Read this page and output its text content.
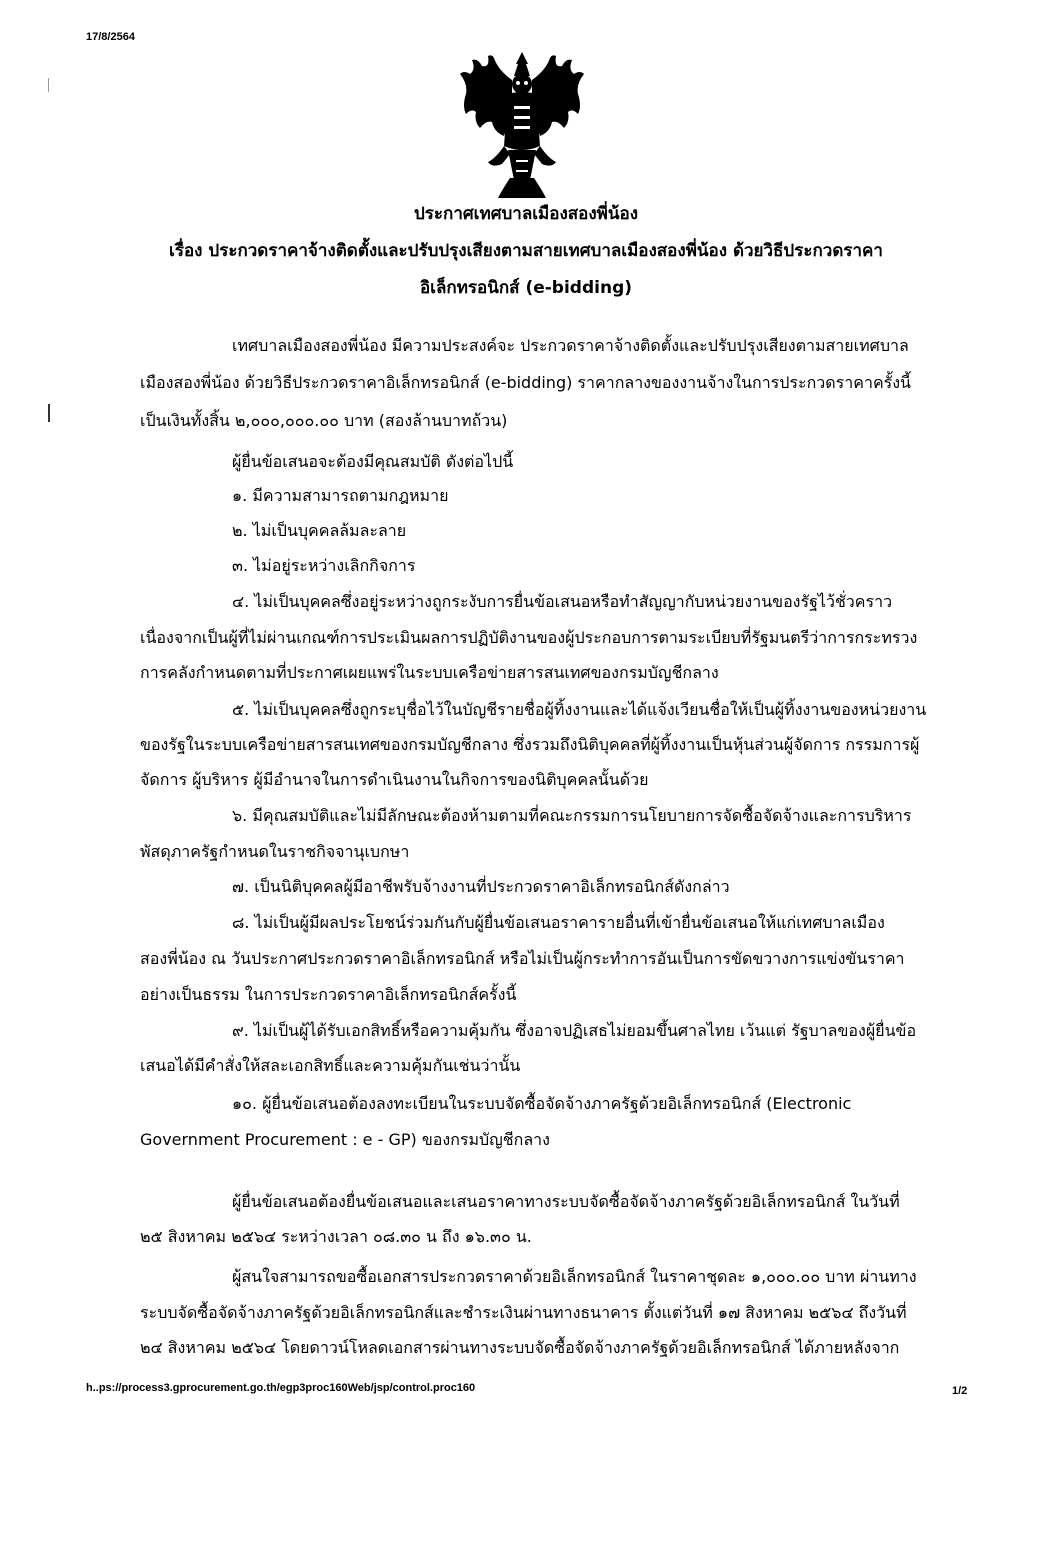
17/8/2564
ประกาศเทศบาลเมืองสองพี่น้อง
เรื่อง ประกวดราคาจ้างติดตั้งและปรับปรุงเสียงตามสายเทศบาลเมืองสองพี่น้อง ด้วยวิธีประกวดราคา
อิเล็กทรอนิกส์ (e-bidding)
เทศบาลเมืองสองพี่น้อง มีความประสงค์จะ ประกวดราคาจ้างติดตั้งและปรับปรุงเสียงตามสายเทศบาล
เมืองสองพี่น้อง ด้วยวิธีประกวดราคาอิเล็กทรอนิกส์ (e-bidding) ราคากลางของงานจ้างในการประกวดราคาครั้งนี้
เป็นเงินทั้งสิ้น ๒,๐๐๐,๐๐๐.๐๐ บาท (สองล้านบาทถ้วน)
ผู้ยื่นข้อเสนอจะต้องมีคุณสมบัติ ดังต่อไปนี้
๑. มีความสามารถตามกฎหมาย
๒. ไม่เป็นบุคคลล้มละลาย
๓. ไม่อยู่ระหว่างเลิกกิจการ
๔. ไม่เป็นบุคคลซึ่งอยู่ระหว่างถูกระงับการยื่นข้อเสนอหรือทำสัญญากับหน่วยงานของรัฐไว้ชั่วคราว
เนื่องจากเป็นผู้ที่ไม่ผ่านเกณฑ์การประเมินผลการปฏิบัติงานของผู้ประกอบการตามระเบียบที่รัฐมนตรีว่าการกระทรวง
การคลังกำหนดตามที่ประกาศเผยแพร่ในระบบเครือข่ายสารสนเทศของกรมบัญชีกลาง
๕. ไม่เป็นบุคคลซึ่งถูกระบุชื่อไว้ในบัญชีรายชื่อผู้ทิ้งงานและได้แจ้งเวียนชื่อให้เป็นผู้ทิ้งงานของหน่วยงาน
ของรัฐในระบบเครือข่ายสารสนเทศของกรมบัญชีกลาง ซึ่งรวมถึงนิติบุคคลที่ผู้ทิ้งงานเป็นหุ้นส่วนผู้จัดการ กรรมการผู้
จัดการ ผู้บริหาร ผู้มีอำนาจในการดำเนินงานในกิจการของนิติบุคคลนั้นด้วย
๖. มีคุณสมบัติและไม่มีลักษณะต้องห้ามตามที่คณะกรรมการนโยบายการจัดซื้อจัดจ้างและการบริหาร
พัสดุภาครัฐกำหนดในราชกิจจานุเบกษา
๗. เป็นนิติบุคคลผู้มีอาชีพรับจ้างงานที่ประกวดราคาอิเล็กทรอนิกส์ดังกล่าว
๘. ไม่เป็นผู้มีผลประโยชน์ร่วมกันกับผู้ยื่นข้อเสนอราคารายอื่นที่เข้ายื่นข้อเสนอให้แก่เทศบาลเมือง
สองพี่น้อง ณ วันประกาศประกวดราคาอิเล็กทรอนิกส์ หรือไม่เป็นผู้กระทำการอันเป็นการขัดขวางการแข่งขันราคา
อย่างเป็นธรรม ในการประกวดราคาอิเล็กทรอนิกส์ครั้งนี้
๙. ไม่เป็นผู้ได้รับเอกสิทธิ์หรือความคุ้มกัน ซึ่งอาจปฏิเสธไม่ยอมขึ้นศาลไทย เว้นแต่ รัฐบาลของผู้ยื่นข้อ
เสนอได้มีคำสั่งให้สละเอกสิทธิ์และความคุ้มกันเช่นว่านั้น
๑๐. ผู้ยื่นข้อเสนอต้องลงทะเบียนในระบบจัดซื้อจัดจ้างภาครัฐด้วยอิเล็กทรอนิกส์ (Electronic
Government Procurement : e - GP) ของกรมบัญชีกลาง
ผู้ยื่นข้อเสนอต้องยื่นข้อเสนอและเสนอราคาทางระบบจัดซื้อจัดจ้างภาครัฐด้วยอิเล็กทรอนิกส์ ในวันที่
๒๕ สิงหาคม ๒๕๖๔ ระหว่างเวลา ๐๘.๓๐ น ถึง ๑๖.๓๐ น.
ผู้สนใจสามารถขอซื้อเอกสารประกวดราคาด้วยอิเล็กทรอนิกส์ ในราคาชุดละ ๑,๐๐๐.๐๐ บาท ผ่านทาง
ระบบจัดซื้อจัดจ้างภาครัฐด้วยอิเล็กทรอนิกส์และชำระเงินผ่านทางธนาคาร ตั้งแต่วันที่ ๑๗ สิงหาคม ๒๕๖๔ ถึงวันที่
๒๔ สิงหาคม ๒๕๖๔ โดยดาวน์โหลดเอกสารผ่านทางระบบจัดซื้อจัดจ้างภาครัฐด้วยอิเล็กทรอนิกส์ ได้ภายหลังจาก
h..ps://process3.gprocurement.go.th/egp3proc160Web/jsp/control.proc160	1/2
